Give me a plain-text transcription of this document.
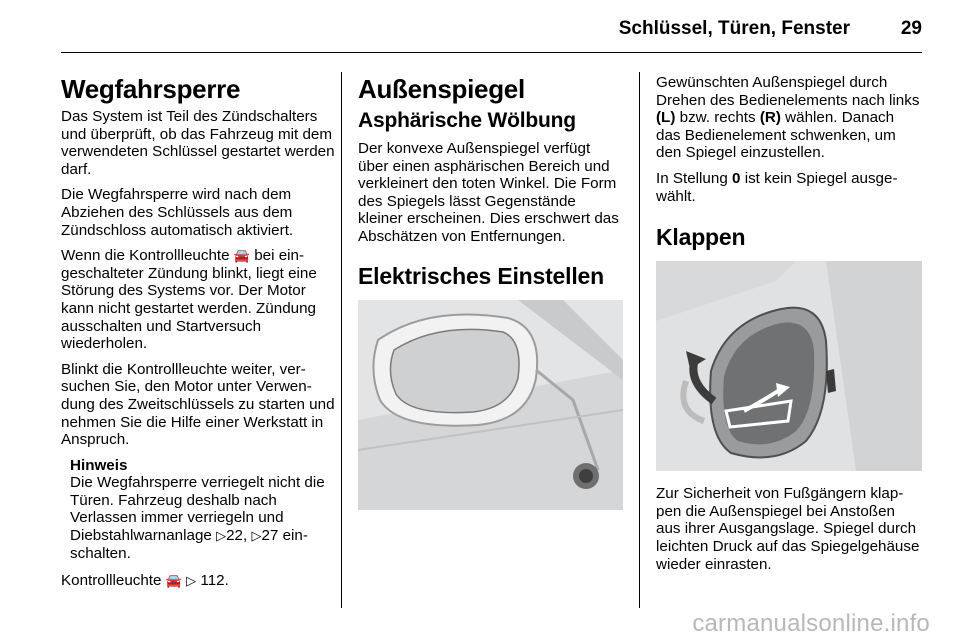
Schlüssel, Türen, Fenster	29
Wegfahrsperre

Das System ist Teil des Zündschalters und überprüft, ob das Fahrzeug mit dem verwendeten Schlüssel gestartet werden darf.

Die Wegfahrsperre wird nach dem Abziehen des Schlüssels aus dem Zündschloss automatisch aktiviert.

Wenn die Kontrollleuchte 🚘 bei eingeschalteter Zündung blinkt, liegt eine Störung des Systems vor. Der Motor kann nicht gestartet werden. Zündung ausschalten und Startversuch wiederholen.

Blinkt die Kontrollleuchte weiter, versuchen Sie, den Motor unter Verwendung des Zweitschlüssels zu starten und nehmen Sie die Hilfe einer Werkstatt in Anspruch.

Hinweis
Die Wegfahrsperre verriegelt nicht die Türen. Fahrzeug deshalb nach Verlassen immer verriegeln und Diebstahlwarnanlage ▷22, ▷27 einschalten.

Kontrollleuchte 🚘 ▷ 112.

Außenspiegel
Asphärische Wölbung

Der konvexe Außenspiegel verfügt über einen asphärischen Bereich und verkleinert den toten Winkel. Die Form des Spiegels lässt Gegenstände kleiner erscheinen. Dies erschwert das Abschätzen von Entfernungen.

Elektrisches Einstellen

Gewünschten Außenspiegel durch Drehen des Bedienelements nach links (L) bzw. rechts (R) wählen. Danach das Bedienelement schwenken, um den Spiegel einzustellen.

In Stellung 0 ist kein Spiegel ausgewählt.

Klappen

Zur Sicherheit von Fußgängern klappen die Außenspiegel bei Anstoßen aus ihrer Ausgangslage. Spiegel durch leichten Druck auf das Spiegelgehäuse wieder einrasten.

carmanualsonline.info
